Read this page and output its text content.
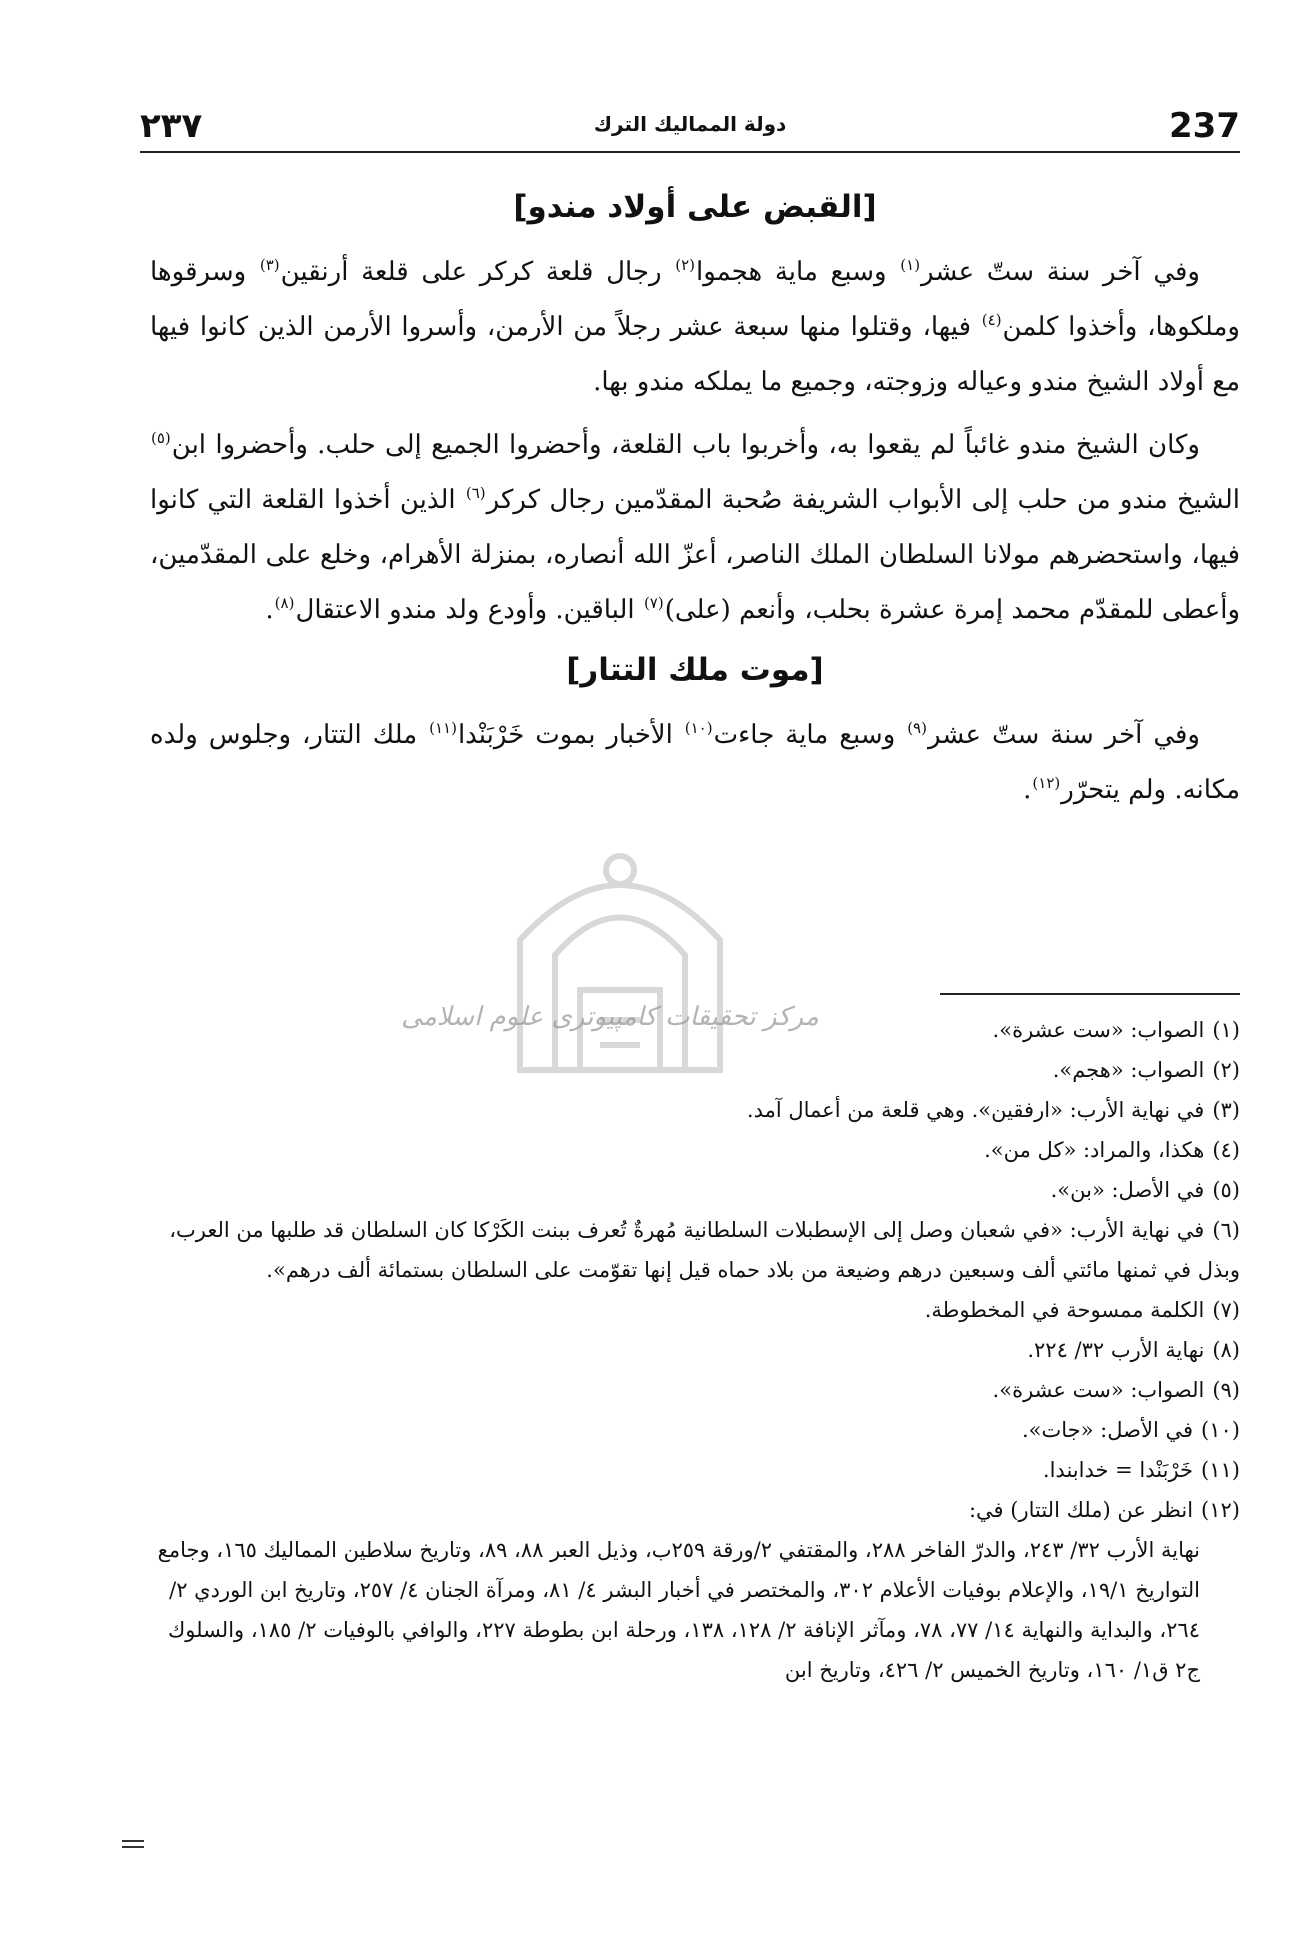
237
دولة المماليك الترك
٢٣٧
[القبض على أولاد مندو]

وفي آخر سنة ستّ عشر$^{(١)}$ وسبع ماية هجموا$^{(٢)}$ رجال قلعة كركر على قلعة أرنقين$^{(٣)}$ وسرقوها وملكوها، وأخذوا كلمن$^{(٤)}$ فيها، وقتلوا منها سبعة عشر رجلاً من الأرمن، وأسروا الأرمن الذين كانوا فيها مع أولاد الشيخ مندو وعياله وزوجته، وجميع ما يملكه مندو بها.

وكان الشيخ مندو غائباً لم يقعوا به، وأخربوا باب القلعة، وأحضروا الجميع إلى حلب. وأحضروا ابن$^{(٥)}$ الشيخ مندو من حلب إلى الأبواب الشريفة صُحبة المقدّمين رجال كركر$^{(٦)}$ الذين أخذوا القلعة التي كانوا فيها، واستحضرهم مولانا السلطان الملك الناصر، أعزّ الله أنصاره، بمنزلة الأهرام، وخلع على المقدّمين، وأعطى للمقدّم محمد إمرة عشرة بحلب، وأنعم (على)$^{(٧)}$ الباقين. وأودع ولد مندو الاعتقال$^{(٨)}$.

[موت ملك التتار]

وفي آخر سنة ستّ عشر$^{(٩)}$ وسبع ماية جاءت$^{(١٠)}$ الأخبار بموت خَرْبَنْدا$^{(١١)}$ ملك التتار، وجلوس ولده مكانه. ولم يتحرّر$^{(١٢)}$.

مركز تحقيقات كامپيوترى علوم اسلامى	(١)الصواب: «ست عشرة».

(٢)الصواب: «هجم».

(٣)في نهاية الأرب: «ارفقين». وهي قلعة من أعمال آمد.

(٤)هكذا، والمراد: «كل من».

(٥)في الأصل: «بن».

(٦)في نهاية الأرب: «في شعبان وصل إلى الإسطبلات السلطانية مُهرةٌ تُعرف ببنت الكَرْكا كان السلطان قد طلبها من العرب، وبذل في ثمنها مائتي ألف وسبعين درهم وضيعة من بلاد حماه قيل إنها تقوّمت على السلطان بستمائة ألف درهم».

(٧)الكلمة ممسوحة في المخطوطة.

(٨)نهاية الأرب ٣٢/ ٢٢٤.

(٩)الصواب: «ست عشرة».

(١٠)في الأصل: «جات».

(١١)خَرْبَنْدا = خدابندا.

(١٢)انظر عن (ملك التتار) في:

نهاية الأرب ٣٢/ ٢٤٣، والدرّ الفاخر ٢٨٨، والمقتفي ٢/ورقة ٢٥٩ب، وذيل العبر ٨٨، ٨٩، وتاريخ سلاطين المماليك ١٦٥، وجامع التواريخ ١٩/١، والإعلام بوفيات الأعلام ٣٠٢، والمختصر في أخبار البشر ٤/ ٨١، ومرآة الجنان ٤/ ٢٥٧، وتاريخ ابن الوردي ٢/ ٢٦٤، والبداية والنهاية ١٤/ ٧٧، ٧٨، ومآثر الإنافة ٢/ ١٢٨، ١٣٨، ورحلة ابن بطوطة ٢٢٧، والوافي بالوفيات ٢/ ١٨٥، والسلوك ج٢ ق١/ ١٦٠، وتاريخ الخميس ٢/ ٤٢٦، وتاريخ ابن
